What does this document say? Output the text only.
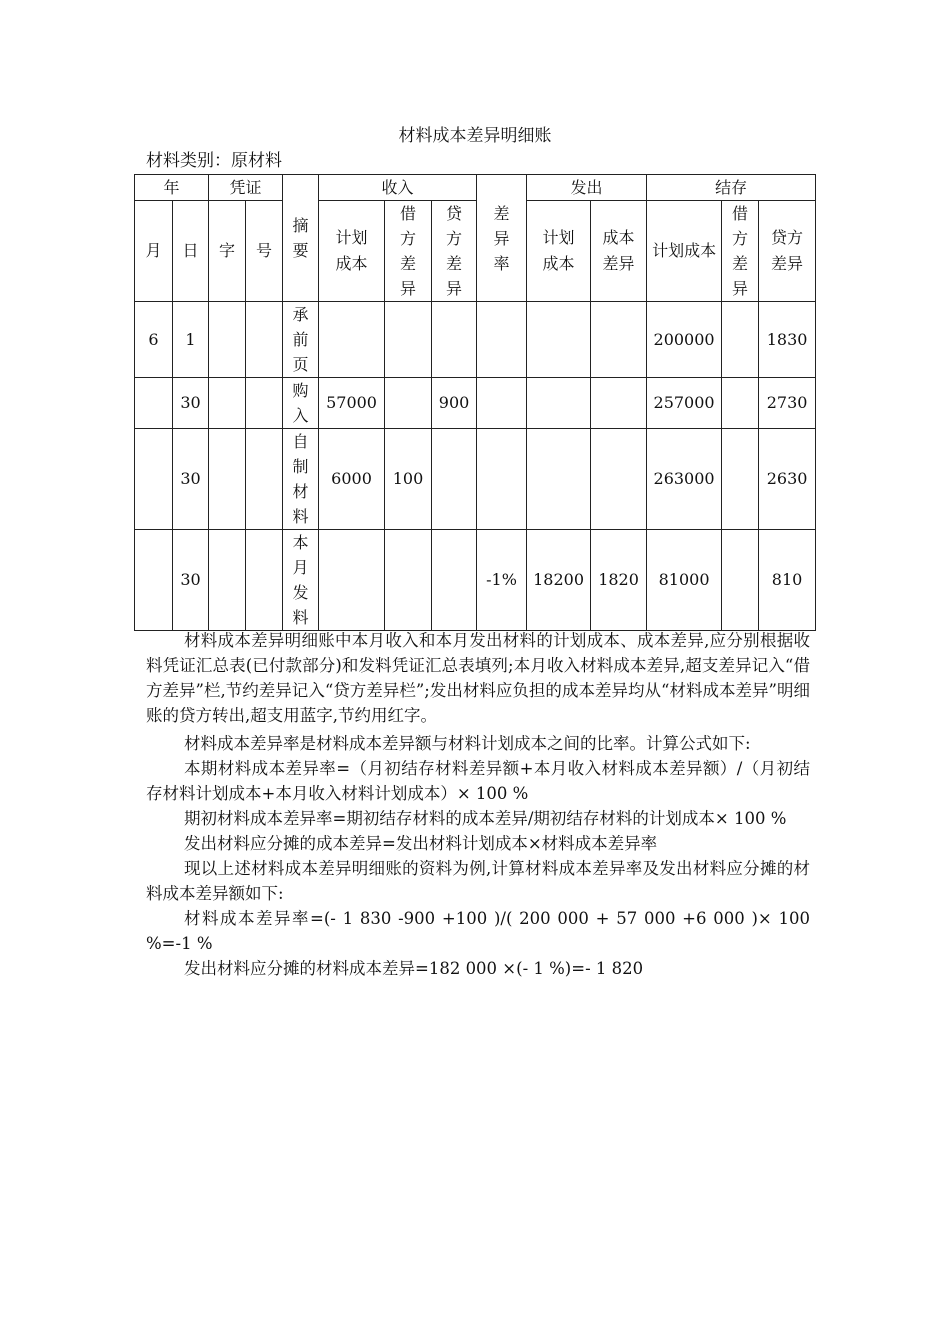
材料成本差异明细账
材料类别：原材料
年		凭证		摘要	收入			差异率	发出		结存		
月	日	字	号		计划成本	借方差异	贷方差异		计划成本	成本差异	计划成本	借方差异	贷方差异
6	1			承前页							200000		1830
	30			购入	57000		900				257000		2730
	30			自制材料	6000	100					263000		2630
	30			本月发料				-1%	18200	1820	81000		810

材料成本差异明细账中本月收入和本月发出材料的计划成本、成本差异,应分别根据收料凭证汇总表(已付款部分)和发料凭证汇总表填列;本月收入材料成本差异,超支差异记入“借方差异”栏,节约差异记入“贷方差异栏”;发出材料应负担的成本差异均从“材料成本差异”明细账的贷方转出,超支用蓝字,节约用红字。

材料成本差异率是材料成本差异额与材料计划成本之间的比率。计算公式如下:

本期材料成本差异率=（月初结存材料差异额+本月收入材料成本差异额）/（月初结存材料计划成本+本月收入材料计划成本）× 100 %

期初材料成本差异率=期初结存材料的成本差异/期初结存材料的计划成本× 100 %

发出材料应分摊的成本差异=发出材料计划成本×材料成本差异率

现以上述材料成本差异明细账的资料为例,计算材料成本差异率及发出材料应分摊的材料成本差异额如下:

材料成本差异率=(- 1 830 -900 +100 )/( 200 000 + 57 000 +6 000 )× 100 %=-1 %

发出材料应分摊的材料成本差异=182 000 ×(- 1 %)=- 1 820
